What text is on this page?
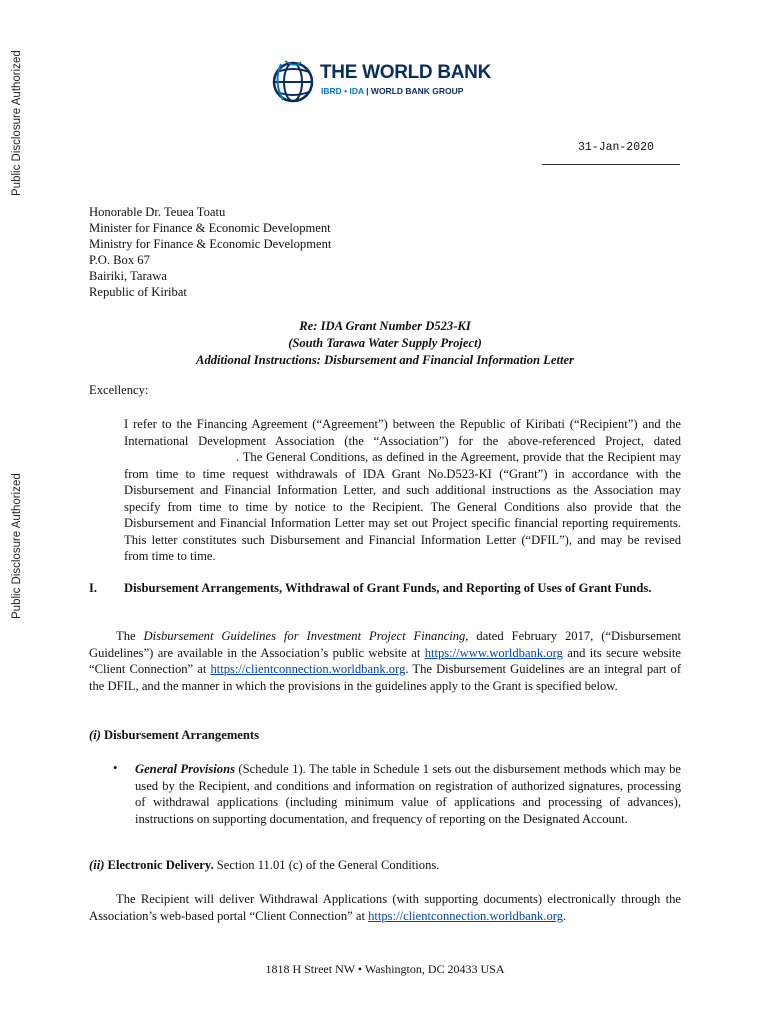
Public Disclosure Authorized
Public Disclosure Authorized
THE WORLD BANK
IBRD • IDA | WORLD BANK GROUP
31-Jan-2020
Honorable Dr. Teuea Toatu
Minister for Finance & Economic Development
Ministry for Finance & Economic Development
P.O. Box 67
Bairiki, Tarawa
Republic of Kiribat
Re: IDA Grant Number D523-KI
(South Tarawa Water Supply Project)
Additional Instructions: Disbursement and Financial Information Letter
Excellency:
I refer to the Financing Agreement (“Agreement”) between the Republic of Kiribati (“Recipient”) and the International Development Association (the “Association”) for the above-referenced Project, dated. The General Conditions, as defined in the Agreement, provide that the Recipient may from time to time request withdrawals of IDA Grant No.D523-KI (“Grant”) in accordance with the Disbursement and Financial Information Letter, and such additional instructions as the Association may specify from time to time by notice to the Recipient. The General Conditions also provide that the Disbursement and Financial Information Letter may set out Project specific financial reporting requirements. This letter constitutes such Disbursement and Financial Information Letter (“DFIL”), and may be revised from time to time.
I. Disbursement Arrangements, Withdrawal of Grant Funds, and Reporting of Uses of Grant Funds.
The Disbursement Guidelines for Investment Project Financing, dated February 2017, (“Disbursement Guidelines”) are available in the Association’s public website at https://www.worldbank.org and its secure website “Client Connection” at https://clientconnection.worldbank.org. The Disbursement Guidelines are an integral part of the DFIL, and the manner in which the provisions in the guidelines apply to the Grant is specified below.
(i) Disbursement Arrangements
• General Provisions (Schedule 1). The table in Schedule 1 sets out the disbursement methods which may be used by the Recipient, and conditions and information on registration of authorized signatures, processing of withdrawal applications (including minimum value of applications and processing of advances), instructions on supporting documentation, and frequency of reporting on the Designated Account.
(ii) Electronic Delivery. Section 11.01 (c) of the General Conditions.
The Recipient will deliver Withdrawal Applications (with supporting documents) electronically through the Association’s web-based portal “Client Connection” at https://clientconnection.worldbank.org.
1818 H Street NW • Washington, DC 20433 USA
